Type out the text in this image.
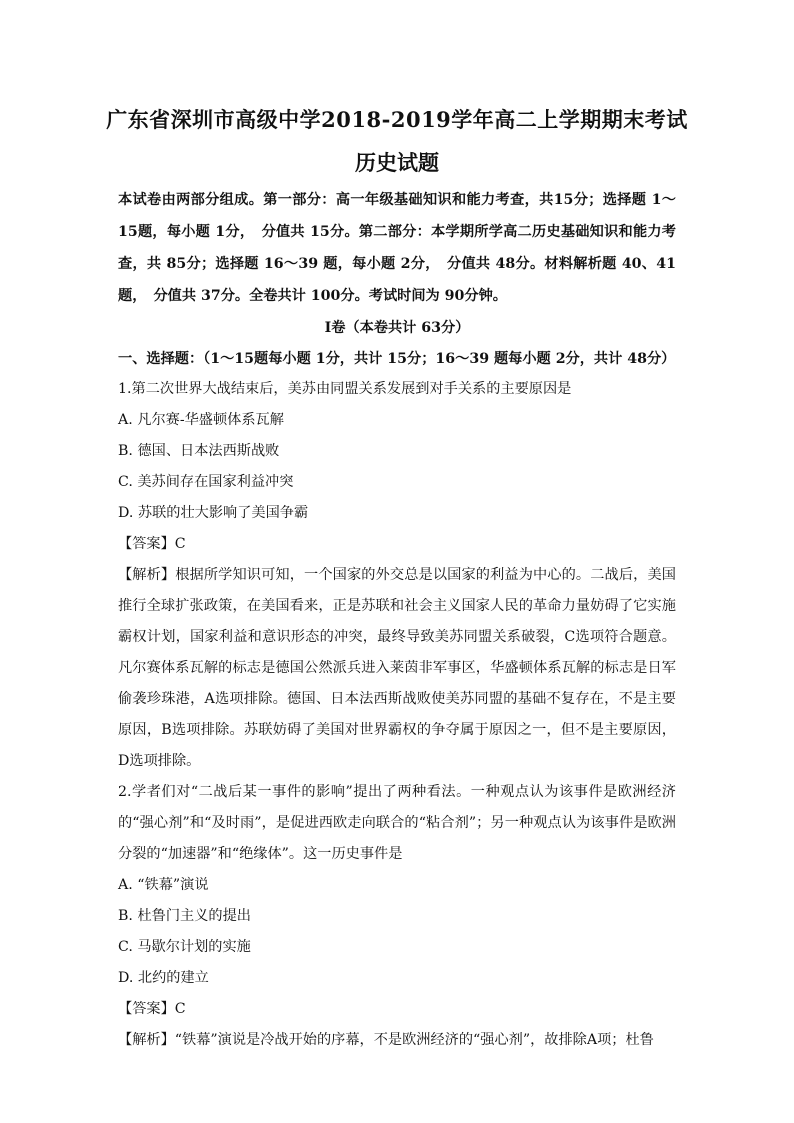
广东省深圳市高级中学2018-2019学年高二上学期期末考试
历史试题

本试卷由两部分组成。第一部分：高一年级基础知识和能力考查，共15分；选择题 1～15题，每小题 1分，　分值共 15分。第二部分：本学期所学高二历史基础知识和能力考查，共 85分；选择题 16～39 题，每小题 2分，　分值共 48分。材料解析题 40、41题，　分值共 37分。全卷共计 100分。考试时间为 90分钟。

Ⅰ卷（本卷共计 63分）

一、选择题：（1～15题每小题 1分，共计 15分；16～39 题每小题 2分，共计 48分）

1.第二次世界大战结束后，美苏由同盟关系发展到对手关系的主要原因是

A. 凡尔赛-华盛顿体系瓦解

B. 德国、日本法西斯战败

C. 美苏间存在国家利益冲突

D. 苏联的壮大影响了美国争霸

【答案】C

【解析】根据所学知识可知，一个国家的外交总是以国家的利益为中心的。二战后，美国推行全球扩张政策，在美国看来，正是苏联和社会主义国家人民的革命力量妨碍了它实施霸权计划，国家利益和意识形态的冲突，最终导致美苏同盟关系破裂，C选项符合题意。凡尔赛体系瓦解的标志是德国公然派兵进入莱茵非军事区，华盛顿体系瓦解的标志是日军偷袭珍珠港，A选项排除。德国、日本法西斯战败使美苏同盟的基础不复存在，不是主要原因，B选项排除。苏联妨碍了美国对世界霸权的争夺属于原因之一，但不是主要原因，D选项排除。

2.学者们对“二战后某一事件的影响”提出了两种看法。一种观点认为该事件是欧洲经济的“强心剂”和“及时雨”，是促进西欧走向联合的“粘合剂”；另一种观点认为该事件是欧洲分裂的“加速器”和“绝缘体”。这一历史事件是

A. “铁幕”演说

B. 杜鲁门主义的提出

C. 马歇尔计划的实施

D. 北约的建立

【答案】C

【解析】“铁幕”演说是冷战开始的序幕，不是欧洲经济的“强心剂”，故排除A项；杜鲁
